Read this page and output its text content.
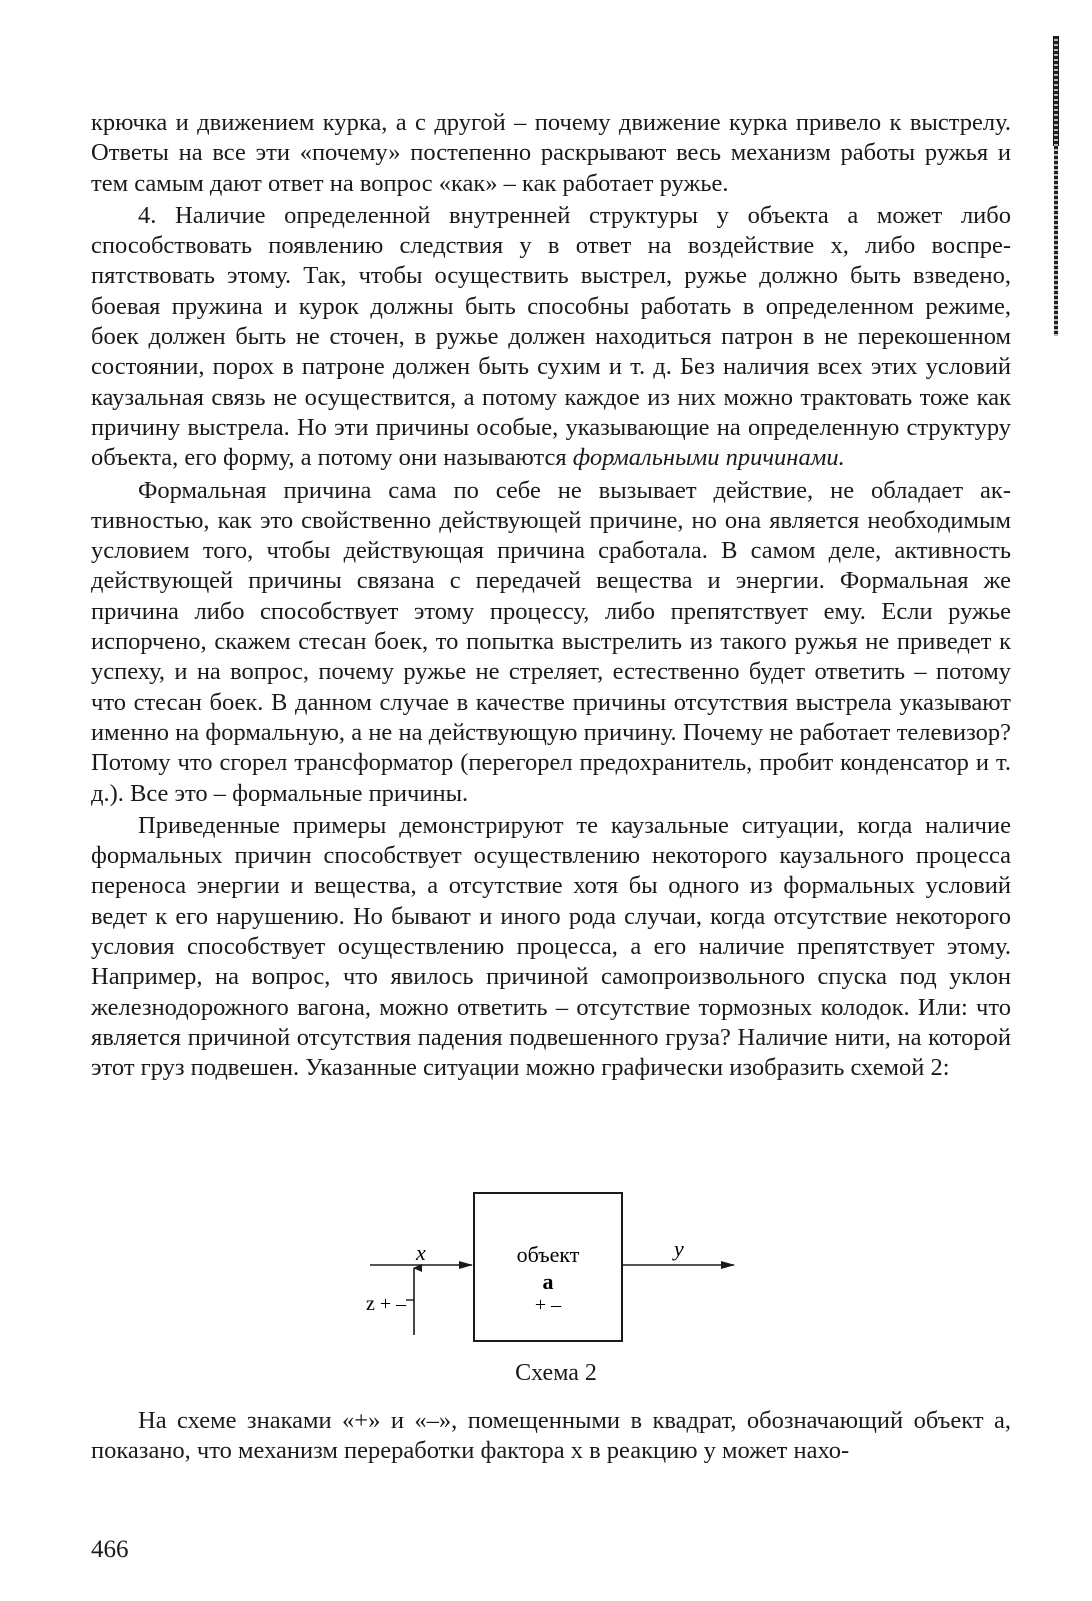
крючка и движением курка, а с другой – почему движение курка привело к выстрелу. Ответы на все эти «почему» постепенно раскрывают весь механизм работы ружья и тем самым дают ответ на вопрос «как» – как работает ружье.

4. Наличие определенной внутренней структуры у объекта а может либо способствовать появлению следствия у в ответ на воздействие х, либо воспрепятствовать этому. Так, чтобы осуществить выстрел, ружье должно быть взведено, боевая пружина и курок должны быть способны работать в определенном режиме, боек должен быть не сточен, в ружье должен находиться патрон в не перекошенном состоянии, порох в патроне должен быть сухим и т. д. Без наличия всех этих условий каузальная связь не осуществится, а потому каждое из них можно трактовать тоже как причину выстрела. Но эти причины особые, указывающие на определенную структуру объекта, его форму, а потому они называются формальными причинами.

Формальная причина сама по себе не вызывает действие, не обладает активностью, как это свойственно действующей причине, но она является необходимым условием того, чтобы действующая причина сработала. В самом деле, активность действующей причины связана с передачей вещества и энергии. Формальная же причина либо способствует этому процессу, либо препятствует ему. Если ружье испорчено, скажем стесан боек, то попытка выстрелить из такого ружья не приведет к успеху, и на вопрос, почему ружье не стреляет, естественно будет ответить – потому что стесан боек. В данном случае в качестве причины отсутствия выстрела указывают именно на формальную, а не на действующую причину. Почему не работает телевизор? Потому что сгорел трансформатор (перегорел предохранитель, пробит конденсатор и т. д.). Все это – формальные причины.

Приведенные примеры демонстрируют те каузальные ситуации, когда наличие формальных причин способствует осуществлению некоторого каузального процесса переноса энергии и вещества, а отсутствие хотя бы одного из формальных условий ведет к его нарушению. Но бывают и иного рода случаи, когда отсутствие некоторого условия способствует осуществлению процесса, а его наличие препятствует этому. Например, на вопрос, что явилось причиной самопроизвольного спуска под уклон железнодорожного вагона, можно ответить – отсутствие тормозных колодок. Или: что является причиной отсутствия падения подвешенного груза? Наличие нити, на которой этот груз подвешен. Указанные ситуации можно графически изобразить схемой 2:

x	y
z + –
объект
а
+ –
Схема 2

На схеме знаками «+» и «–», помещенными в квадрат, обозначающий объект а, показано, что механизм переработки фактора х в реакцию у может нахо-

466
